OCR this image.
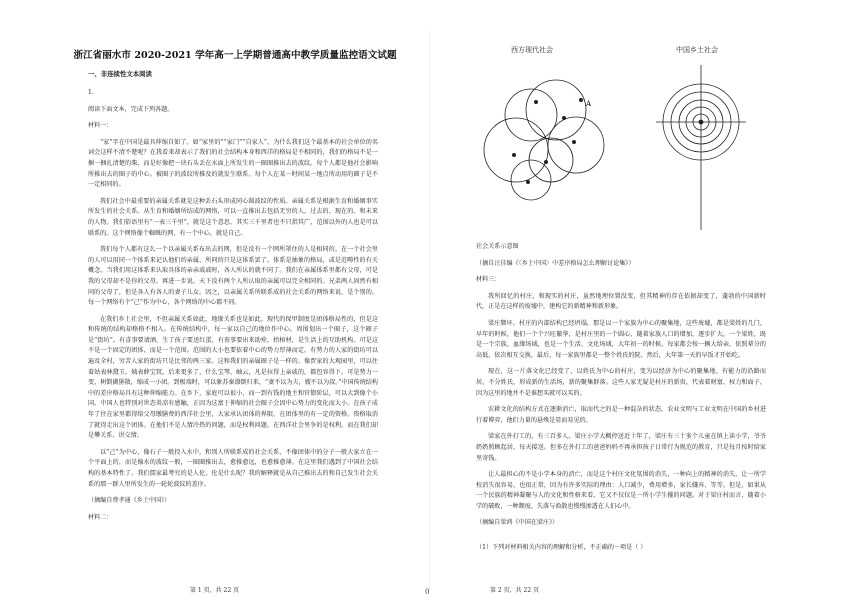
浙江省丽水市 2020-2021 学年高一上学期普通高中教学质量监控语文试题
一、非连续性文本阅读

1.

阅读下面文本，完成下列各题。

材料一：

“家”字在中国是最具伸缩自如了。如“家里的”“家门”“自家人”。为什么我们这个最基本的社会单位的名词会这样不清不楚呢？在我看来却表示了我们的社会结构本身和西洋的格局是不相同的，我们的格局不是一捆一捆扎清楚的柴，而是好像把一块石头丢在水面上所发生的一圈圈推出去的波纹。每个人都是他社会影响所推出去的圈子的中心。被圈子的波纹所推及的就发生联系。每个人在某一时间某一地点所动用的圈子是不一定相同的。

我们社会中最重要的亲属关系就是这种丢石头形成同心圆波纹的性质。亲属关系是根据生育和婚姻事实所发生的社会关系。从生育和婚姻所结成的网络，可以一直推出去包括无穷的人，过去的、现在的、和未来的人物。我们俗语里有“一表三千里”，就是这个意思，其实三千里者也不只指其广，范围以外的人也是可以联系的。这个网络像个蜘蛛的网，有一个中心，就是自己。

我们每个人都有这么一个以亲属关系布出去的网，但是没有一个网所罩住的人是相同的。在一个社会里的人可以用同一个体系来记认他们的亲属，所同的只是这体系罢了。体系是抽象的格局，或是范畴性的有关概念。当我们用这体系来认取具体的亲亲戚戚时，各人所认的就不同了。我们在亲属体系里都有父母，可是我的父母却不是你的父母。再进一步说，天下没有两个人所认取的亲属可以完全相同的。兄弟两人固然有相同的父母了，但是各人有各人的妻子儿女。因之，以亲属关系所联系成的社会关系的网络来说，是个别的。每一个网络有个“己”作为中心，各个网络的中心都不同。

在我们乡土社会里，不但亲属关系如此，地缘关系也是如此。现代的保甲制度是团体格局性的，但是这和传统的结构却格格不相入。在传统结构中，每一家以自己的地位作中心，周围划出一个圈子，这个圈子是“街坊”。有喜事要请酒，生了孩子要送红蛋，有丧事要出来助殓，抬棺材，是生活上的互助机构。可是这不是一个固定的团体，而是一个范围。范围的大小也要依着中心的势力厚薄而定。有势力的人家的街坊可以遍及全村，穷苦人家的街坊只是比邻的两三家。这和我们的亲属圈子是一样的。像贾家的大观园里，可以住着姑表林黛玉，姨表薛宝钗，后来更多了，什么宝琴，岫云，凡是拉得上亲戚的，都包容得下。可是势力一变，树倒猢狲散，缩成一小团。到极端时，可以象苏秦潦倒归来，“妻不以为夫，嫂不以为叔。”中国传统结构中的差序格局具有这种伸缩能力。在乡下，家庭可以很小，而一到有钱的地主和官僚阶层，可以大到像个小国。中国人也特别对世态炎凉有感触，正因为这富于伸缩的社会圈子会因中心势力的变化而大小。在孩子成年了住在家里都得给父母缴膳费的西洋社会里，大家承认团体的界限。在团体里的有一定的资格。资格取消了就得走出这个团体。在他们不是人情冷热的问题，而是权利问题。在西洋社会里争的是权利，而在我们却是攀关系、讲交情。

以“己”为中心，像石子一般投入水中，和别人所联系成的社会关系，不像团体中的分子一般大家立在一个平面上的，而是像水的波纹一般，一圈圈推出去，愈推愈远，也愈推愈薄。在这里我们遇到了中国社会结构的基本特性了。我们儒家最考究的是人伦，伦是什么呢？我的解释就是从自己推出去的和自己发生社会关系的那一群人里所发生的一轮轮波纹的差序。

（摘编自费孝通《乡土中国》）

材料二：

第 1 页，共 22 页	0
西方现代社会	中国乡土社会
A

社会关系示意图

（摘自汪佳编《〈乡土中国〉中差序格局怎么理解讨论集》）

材料三：

我所回忆的村庄，和现实的村庄，虽然地理位置没变，但其精神的存在依据却变了，蓬勃的中国新时代，正是在这样的废墟中，建构它的新精神和新形象。

梁庄颓坏。村庄的内部结构已经坍塌，那是以一个家族为中心的聚集地，这些废墟，都是梁姓的几门，早年的时候，他们一个个兴旺繁华，是村庄里的一个圆心，随着家族人口的增加，逐步扩大。一个梁姓，既是一个宗族、血缘场域，也是一个生活、文化场域，大年初一的时候，每家都会按一辆大给亲，依照辈分的高低，依次相互交换，最后，每一家族里都是一整个姓氏的院。然后，大年第一天的早饭才开始吃。

现在，这一片落文化已经变了，以姓氏为中心的村庄，变为以经济为中心的聚集地。有能力的沿路而居，不分姓氏，形成新的生活场，新的聚集群落。这些人家无疑是村庄的新贵，代表着财富、权力和面子，因为这里的地并不是谁想买就可以买的。

农耕文化的结构方式在逐渐消亡，取而代之的是一种混杂的状态，农业文明与工业文明在中国的乡村进行着博弈，他们力量的悬殊是显而易见的。

梁家在外打工的，有三百多人。梁庄小学大概停送近十年了，梁庄有三十多个儿童在镇上读小学，爷爷奶奶照顾起居，每天接送。但多在外打工的爸爸妈妈不再承担孩子日常行为规范的教育，只是每月按时给家里寄钱。

让人最担心的不是小学本身的消亡，而是这个村庄文化氛围的消失，一种向上的精神的消失，让一所学校消失很容易，也很正常，因为有许多实际的理由：人口减少，费用增多，家长嫌弃，等等。但是，如果从一个民族的精神凝聚与人的文化和性格来看，它又不仅仅是一所小学生摧的问题。对于梁庄村而言，随着小学的破败，一种颓废，失落与涣散也慢慢渗透在人们心中。

（摘编自梁鸿《中国在梁庄》）

（1）下列对材料相关内容的理解和分析，不正确的一项是（ ）

第 2 页，共 22 页
